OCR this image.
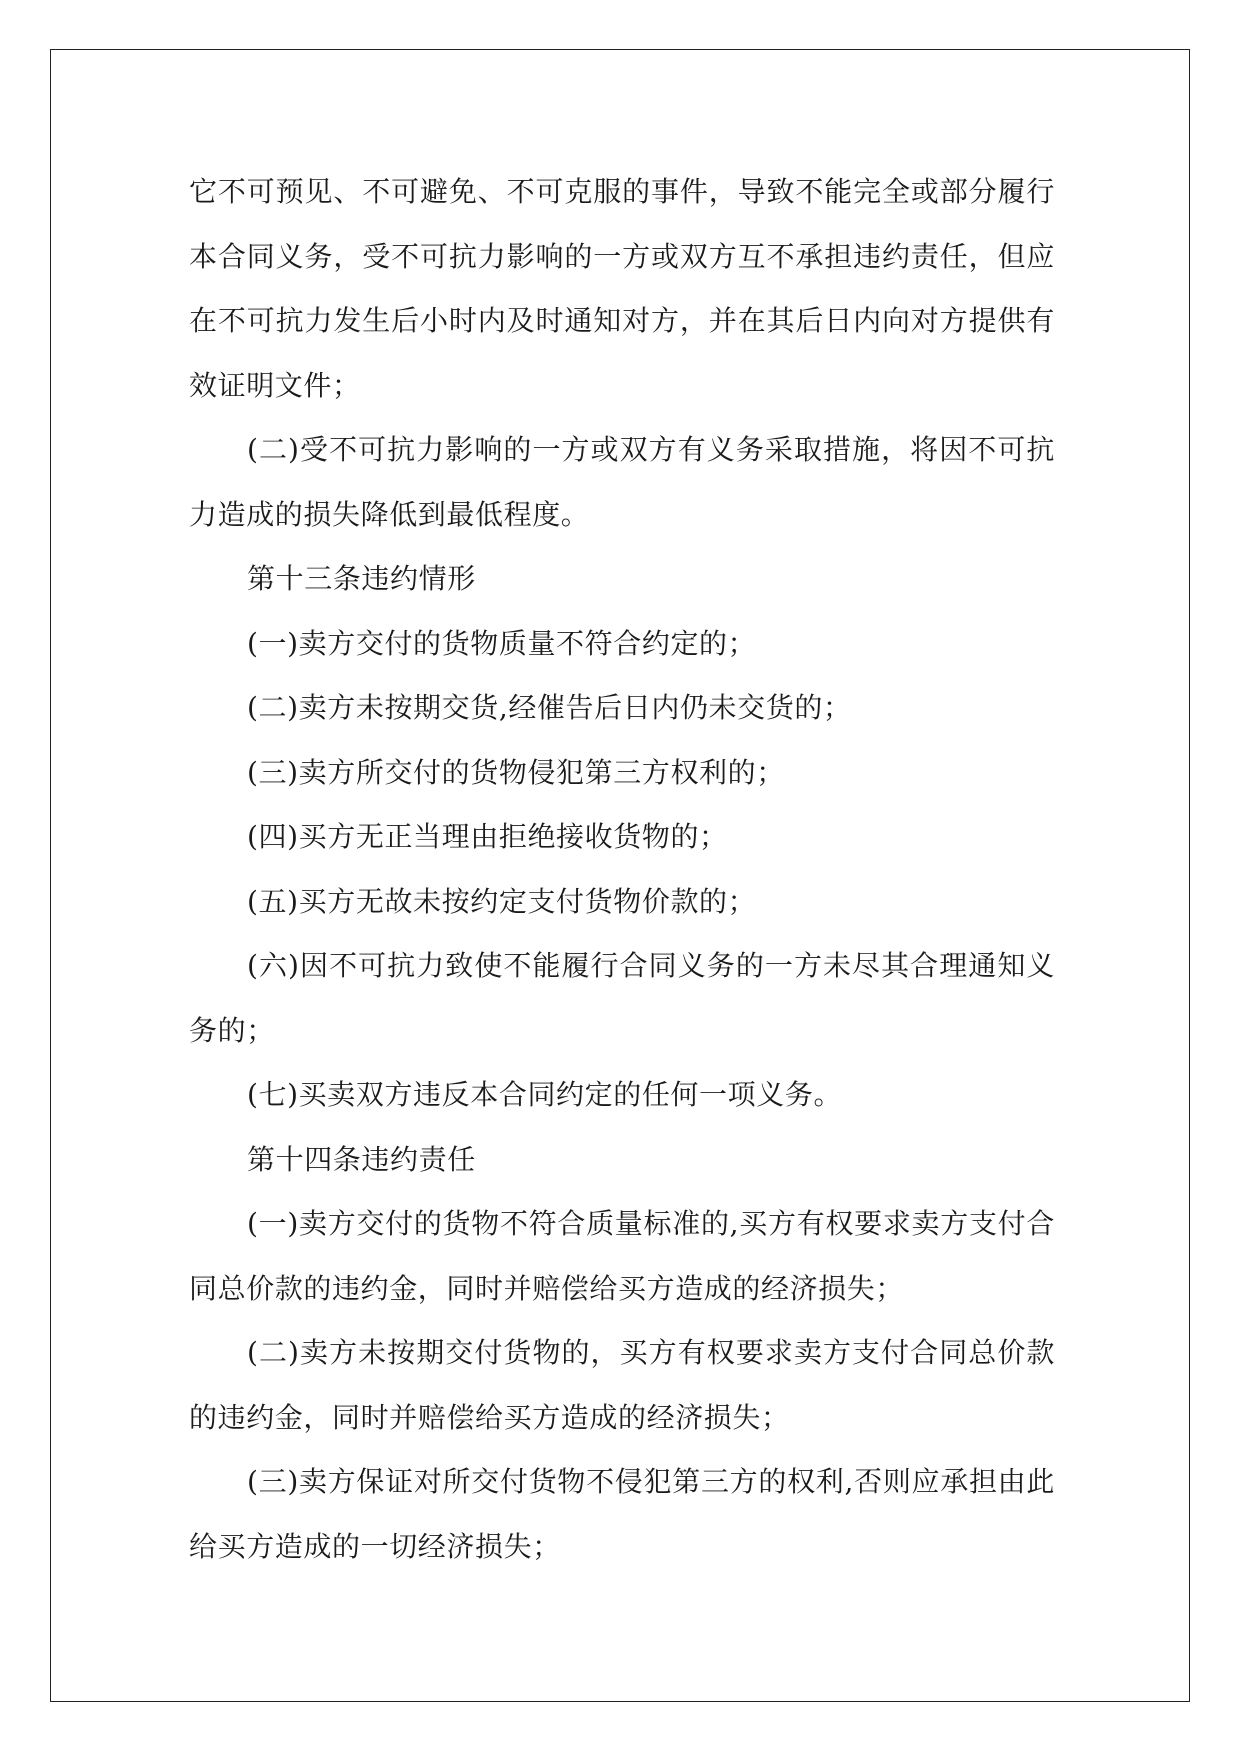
它不可预见、不可避免、不可克服的事件，导致不能完全或部分履行本合同义务，受不可抗力影响的一方或双方互不承担违约责任，但应在不可抗力发生后小时内及时通知对方，并在其后日内向对方提供有效证明文件；

(二)受不可抗力影响的一方或双方有义务采取措施，将因不可抗力造成的损失降低到最低程度。

第十三条违约情形

(一)卖方交付的货物质量不符合约定的；

(二)卖方未按期交货,经催告后日内仍未交货的；

(三)卖方所交付的货物侵犯第三方权利的；

(四)买方无正当理由拒绝接收货物的；

(五)买方无故未按约定支付货物价款的；

(六)因不可抗力致使不能履行合同义务的一方未尽其合理通知义务的；

(七)买卖双方违反本合同约定的任何一项义务。

第十四条违约责任

(一)卖方交付的货物不符合质量标准的,买方有权要求卖方支付合同总价款的违约金，同时并赔偿给买方造成的经济损失；

(二)卖方未按期交付货物的，买方有权要求卖方支付合同总价款的违约金，同时并赔偿给买方造成的经济损失；

(三)卖方保证对所交付货物不侵犯第三方的权利,否则应承担由此给买方造成的一切经济损失；
